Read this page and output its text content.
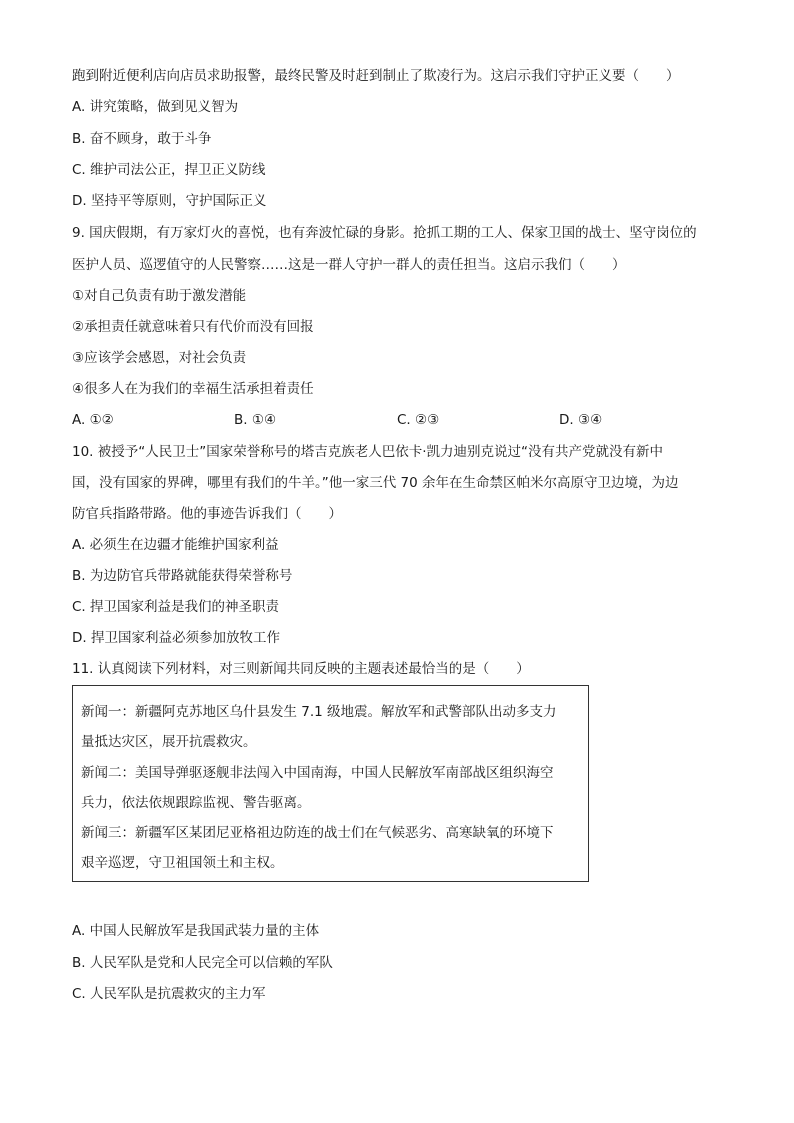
跑到附近便利店向店员求助报警，最终民警及时赶到制止了欺凌行为。这启示我们守护正义要（　　）
A. 讲究策略，做到见义智为
B. 奋不顾身，敢于斗争
C. 维护司法公正，捍卫正义防线
D. 坚持平等原则，守护国际正义
9. 国庆假期，有万家灯火的喜悦，也有奔波忙碌的身影。抢抓工期的工人、保家卫国的战士、坚守岗位的
医护人员、巡逻值守的人民警察……这是一群人守护一群人的责任担当。这启示我们（　　）
①对自己负责有助于激发潜能
②承担责任就意味着只有代价而没有回报
③应该学会感恩，对社会负责
④很多人在为我们的幸福生活承担着责任
A. ①②	B. ①④	C. ②③	D. ③④
10. 被授予“人民卫士”国家荣誉称号的塔吉克族老人巴依卡·凯力迪别克说过“没有共产党就没有新中
国，没有国家的界碑，哪里有我们的牛羊。”他一家三代 70 余年在生命禁区帕米尔高原守卫边境，为边
防官兵指路带路。他的事迹告诉我们（　　）
A. 必须生在边疆才能维护国家利益
B. 为边防官兵带路就能获得荣誉称号
C. 捍卫国家利益是我们的神圣职责
D. 捍卫国家利益必须参加放牧工作
11. 认真阅读下列材料，对三则新闻共同反映的主题表述最恰当的是（　　）
新闻一：新疆阿克苏地区乌什县发生 7.1 级地震。解放军和武警部队出动多支力
量抵达灾区，展开抗震救灾。
新闻二：美国导弹驱逐舰非法闯入中国南海，中国人民解放军南部战区组织海空
兵力，依法依规跟踪监视、警告驱离。
新闻三：新疆军区某团尼亚格祖边防连的战士们在气候恶劣、高寒缺氧的环境下
艰辛巡逻，守卫祖国领土和主权。
A. 中国人民解放军是我国武装力量的主体
B. 人民军队是党和人民完全可以信赖的军队
C. 人民军队是抗震救灾的主力军
